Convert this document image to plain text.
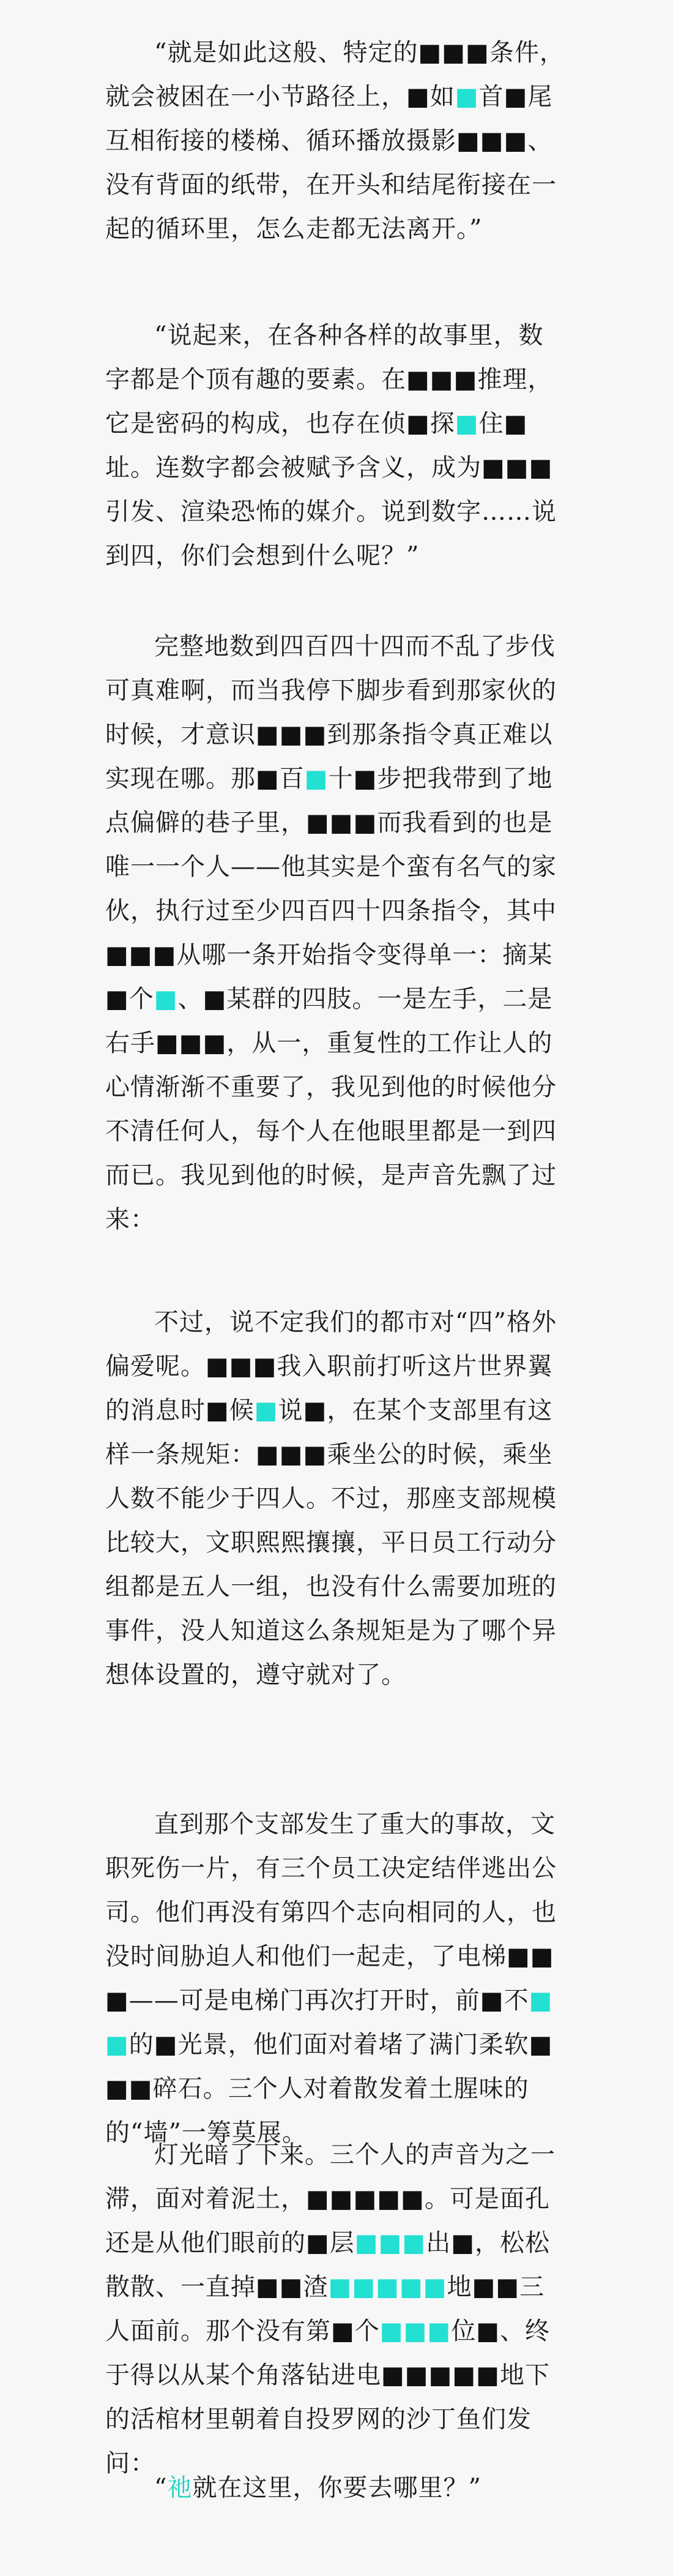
“就是如此这般、特定的■■■条件，就会被困在一小节路径上，■如■首■尾互相衔接的楼梯、循环播放摄影■■■、没有背面的纸带，在开头和结尾衔接在一起的循环里，怎么走都无法离开。”

“说起来，在各种各样的故事里，数字都是个顶有趣的要素。在■■■推理，它是密码的构成，也存在侦■探■住■址。连数字都会被赋予含义，成为■■■引发、渲染恐怖的媒介。说到数字……说到四，你们会想到什么呢？”

完整地数到四百四十四而不乱了步伐可真难啊，而当我停下脚步看到那家伙的时候，才意识■■■到那条指令真正难以实现在哪。那■百■十■步把我带到了地点偏僻的巷子里，■■■而我看到的也是唯一一个人——他其实是个蛮有名气的家伙，执行过至少四百四十四条指令，其中■■■从哪一条开始指令变得单一：摘某■个■、■某群的四肢。一是左手，二是右手■■■，从一，重复性的工作让人的心情渐渐不重要了，我见到他的时候他分不清任何人，每个人在他眼里都是一到四而已。我见到他的时候，是声音先飘了过来：

不过，说不定我们的都市对“四”格外偏爱呢。■■■我入职前打听这片世界翼的消息时■候■说■，在某个支部里有这样一条规矩：■■■乘坐公的时候，乘坐人数不能少于四人。不过，那座支部规模比较大，文职熙熙攘攘，平日员工行动分组都是五人一组，也没有什么需要加班的事件，没人知道这么条规矩是为了哪个异想体设置的，遵守就对了。

直到那个支部发生了重大的事故，文职死伤一片，有三个员工决定结伴逃出公司。他们再没有第四个志向相同的人，也没时间胁迫人和他们一起走，了电梯■■■——可是电梯门再次打开时，前■不■■的■光景，他们面对着堵了满门柔软■■■碎石。三个人对着散发着土腥味的的“墙”一筹莫展。

灯光暗了下来。三个人的声音为之一滞，面对着泥土，■■■■■。可是面孔还是从他们眼前的■层■■■出■，松松散散、一直掉■■渣■■■■■地■■三人面前。那个没有第■个■■■位■、终于得以从某个角落钻进电■■■■■地下的活棺材里朝着自投罗网的沙丁鱼们发问：

“祂就在这里，你要去哪里？”
